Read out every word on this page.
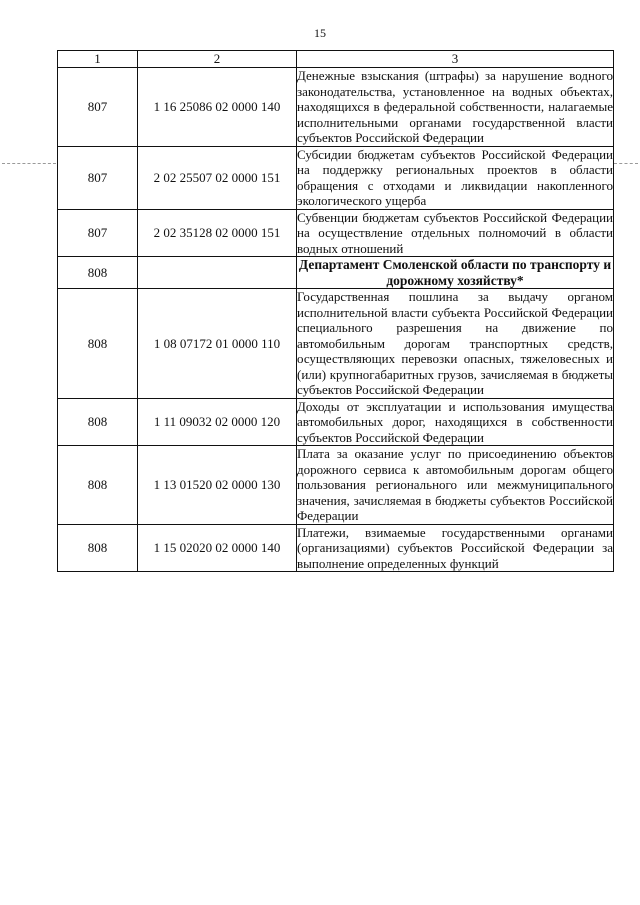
15
1	2	3
807	1 16 25086 02 0000 140	Денежные взыскания (штрафы) за нарушение водного законодательства, установленное на водных объектах, находящихся в федеральной собственности, налагаемые исполнительными органами государственной власти субъектов Российской Федерации
807	2 02 25507 02 0000 151	Субсидии бюджетам субъектов Российской Федерации на поддержку региональных проектов в области обращения с отходами и ликвидации накопленного экологического ущерба
807	2 02 35128 02 0000 151	Субвенции бюджетам субъектов Российской Федерации на осуществление отдельных полномочий в области водных отношений
808		Департамент Смоленской области по транспорту и дорожному хозяйству*
808	1 08 07172 01 0000 110	Государственная пошлина за выдачу органом исполнительной власти субъекта Российской Федерации специального разрешения на движение по автомобильным дорогам транспортных средств, осуществляющих перевозки опасных, тяжеловесных и (или) крупногабаритных грузов, зачисляемая в бюджеты субъектов Российской Федерации
808	1 11 09032 02 0000 120	Доходы от эксплуатации и использования имущества автомобильных дорог, находящихся в собственности субъектов Российской Федерации
808	1 13 01520 02 0000 130	Плата за оказание услуг по присоединению объектов дорожного сервиса к автомобильным дорогам общего пользования регионального или межмуниципального значения, зачисляемая в бюджеты субъектов Российской Федерации
808	1 15 02020 02 0000 140	Платежи, взимаемые государственными органами (организациями) субъектов Российской Федерации за выполнение определенных функций
